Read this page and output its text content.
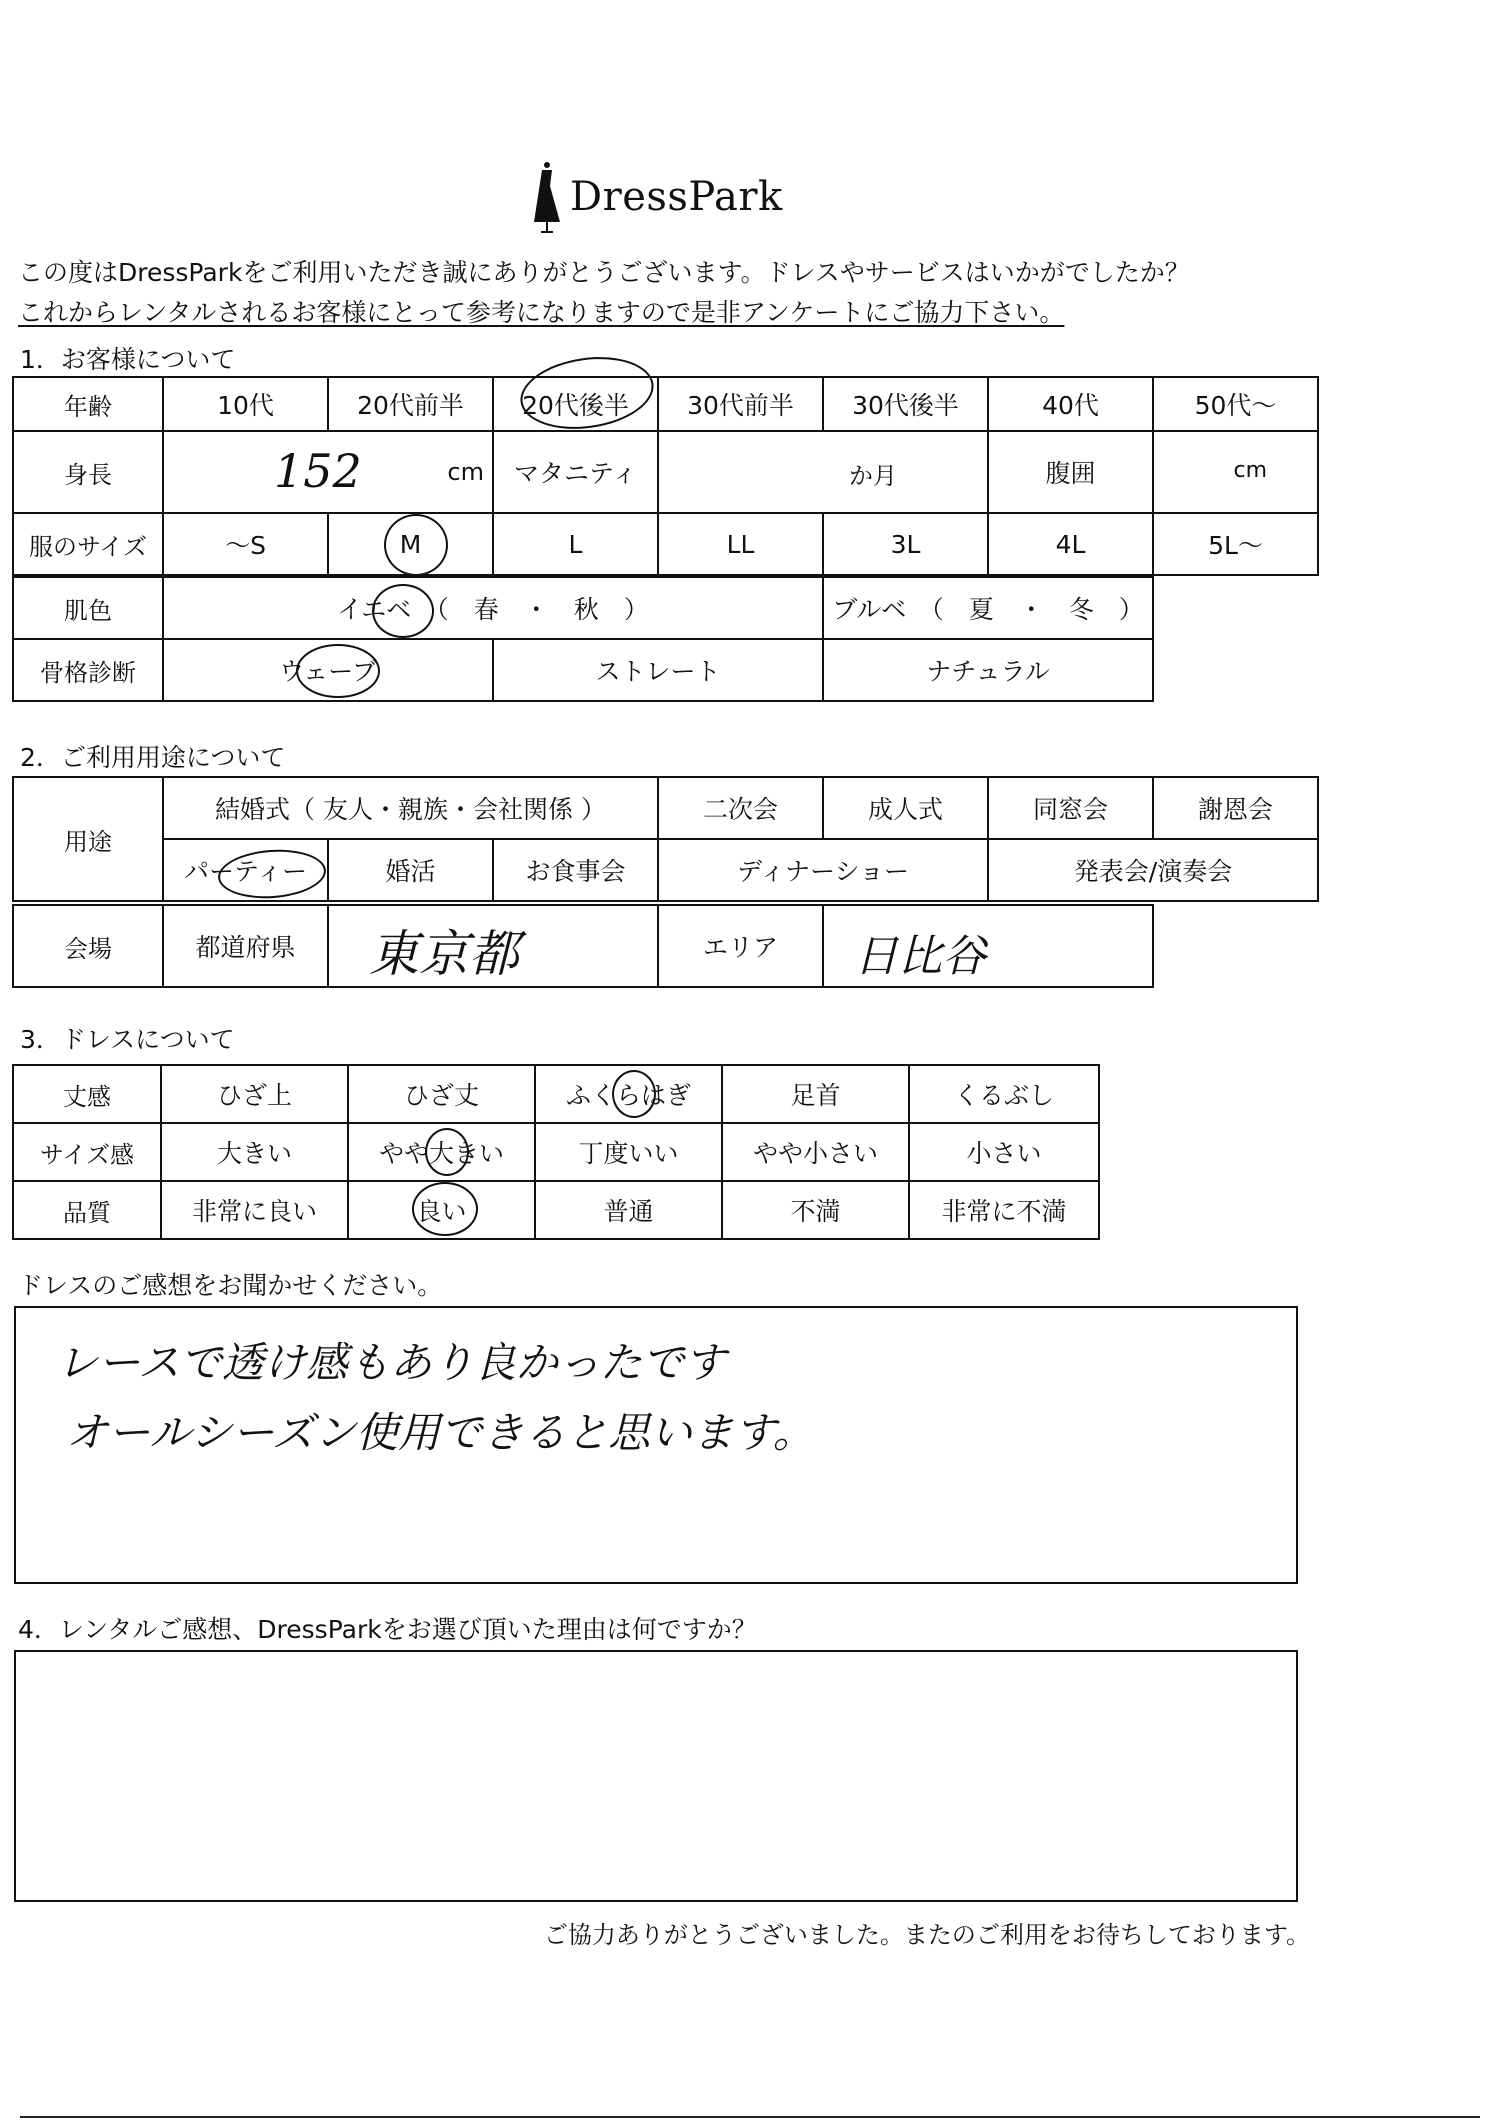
DressPark
この度はDressParkをご利用いただき誠にありがとうございます。ドレスやサービスはいかがでしたか？
これからレンタルされるお客様にとって参考になりますので是非アンケートにご協力下さい。
1．お客様について
年齢	10代	20代前半	20代後半	30代前半	30代後半	40代	50代〜
身長	152 cm		マタニティ	か月		腹囲	cm

服のサイズ	〜S	M	L	LL	3L	4L	5L〜
肌色	イエベ　（　春　・　秋　）		ブルベ　（　夏　・　冬　）
骨格診断	ウェーブ	ストレート	ナチュラル
2．ご利用用途について
用途	結婚式（ 友人・親族・会社関係 ）			二次会	成人式	同窓会	謝恩会
	パーティー	婚活	お食事会	ディナーショー		発表会/演奏会	
会場	都道府県	東京都	エリア	日比谷
3．ドレスについて
丈感	ひざ上	ひざ丈	ふくらはぎ	足首	くるぶし
サイズ感	大きい	やや大きい	丁度いい	やや小さい	小さい
品質	非常に良い	良い	普通	不満	非常に不満
ドレスのご感想をお聞かせください。
レースで透け感もあり良かったです
オールシーズン使用できると思います。
4．レンタルご感想、DressParkをお選び頂いた理由は何ですか？
ご協力ありがとうございました。またのご利用をお待ちしております。
